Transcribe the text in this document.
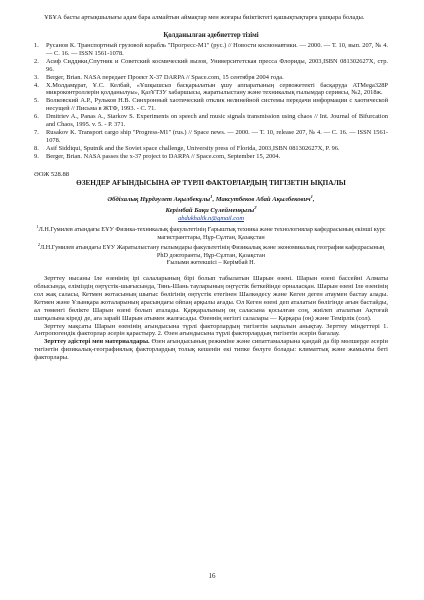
ҰБҰА басты артықшылығы адам бара алмайтын аймақтар мен жоғары биіктіктегі қашықтықтарға ұшқыра болады.

Қолданылған әдебиеттер тізімі
1.	Русанов К. Транспортный грузовой корабль "Прогресс-М1" (рус.) // Новости космонавтики. — 2000. — Т. 10, вып. 207, № 4. — С. 16. — ISSN 1561-1078.
2.	Асиф Сиддики,Спутник и Советский космический вызов, Университетская пресса Флориды, 2003,ISBN 081302627X, стр. 96.
3.	Berger, Brian. NASA передает Проект X-37 DARPA // Space.com, 15 сентября 2004 года.
4.	Х.Молдамұрат, Ұ.С. Келбай, «Ұшқышсыз басқарылатын ұшу аппаратының сервожетекті басқаруда ATMega328P микроконтроллерін қолданылуы», ҚазҰТЗУ хабаршысы, жаратылыстану және техникалық ғылымдар сериясы, №2, 2018ж.
5.	Волковский А.Р., Рульков Н.В. Синхронный хаотический отклик нелинейной системы передачи информации с хаотической несущей // Письма в ЖТФ, 1993. - С. 71.
6.	Dmitriev A., Panas A., Starkov S. Experiments on speech and music signals transmission using chaos // Int. Journal of Bifurcation and Chaos, 1995. v. 5. - P. 371.
7.	Rusakov K. Transport cargo ship "Progress-M1" (rus.) // Space news. — 2000. — T. 10, release 207, № 4. — C. 16. — ISSN 1561-1078.
8.	Asif Siddiqui, Sputnik and the Soviet space challenge, University press of Florida, 2003,ISBN 081302627X, P. 96.
9.	Berger, Brian. NASA passes the x-37 project to DARPA // Space.com, September 15, 2004.
ӘОЖ 528.88
ӨЗЕНДЕР АҒЫНДЫСЫНА ӘР ТҮРЛІ ФАКТОРЛАРДЫҢ ТИГІЗЕТІН ЫҚПАЛЫ
Әбдіхалық Нұрдәулет Ақылбекұлы$^1$, Максутбеков Абай Ақылбекович$^1$,
Керімбай Бақи Сүлейменқызы$^2$
abdukhalik.n@gmail.com
$^1$Л.Н.Гумилев атындағы ЕҰУ Физика-техникалық факультетінің Ғарыштық техника және технологиялар кафедрасының екінші курс магистранттары, Нұр-Сұлтан, Қазақстан
$^2$Л.Н.Гумилев атындағы ЕҰУ Жаратылыстану ғылымдары факультетінің Физикалық және экономикалық география кафедрасының PhD докторанты, Нұр-Сұлтан, Қазақстан
Ғылыми жетекшісі – Керімбай Н.

Зерттеу нысаны Іле өзенінің ірі салаларының бірі болып табылатын Шарын өзені. Шарын өзені бассейні Алматы облысында, еліміздің оңтүстік-шығысында, Тянь-Шань тауларының оңтүстік беткейінде орналасқан. Шарын өзені Іле өзенінің сол жақ саласы, Кетмен жотасының шығыс бөлігінің оңтүстік етегінен Шалкөдесу және Кеген деген атаумен бастау алады. Кетмен және Ұзынқара жоталарының арасындағы ойпаң арқылы ағады. Ол Кеген өзені деп аталатын бөлігінде ағын бастайды, ал төменгі бөлікте Шарын өзені болып аталады. Қарқаралының оң саласына қосылған соң, жиілеп аталатын Ақтоғай шатқалына кіреді де, аға зарайі Шарын атымен жалғасады. Өзеннің негізгі салалары — Қарқара (оң) және Темірлік (сол).

Зерттеу мақсаты Шарын өзенінің ағындысына түрлі факторлардың тигізетін ықпалын анықтау. Зерттеу міндеттері 1. Антропогендік факторлар әсерін қарастыру. 2. Өзен ағындысына түрлі факторлардың тигізетін әсерін бағалау.

Зерттеу әдістері мен материалдары. Өзен ағындысының режиміне және сипаттамаларына қандай да бір мөлшерде әсерін тигізетін физикалық-географиялық факторлардың толық кешенін екі типке бөлуге болады: климаттық және жамылғы беті факторлары.

16
